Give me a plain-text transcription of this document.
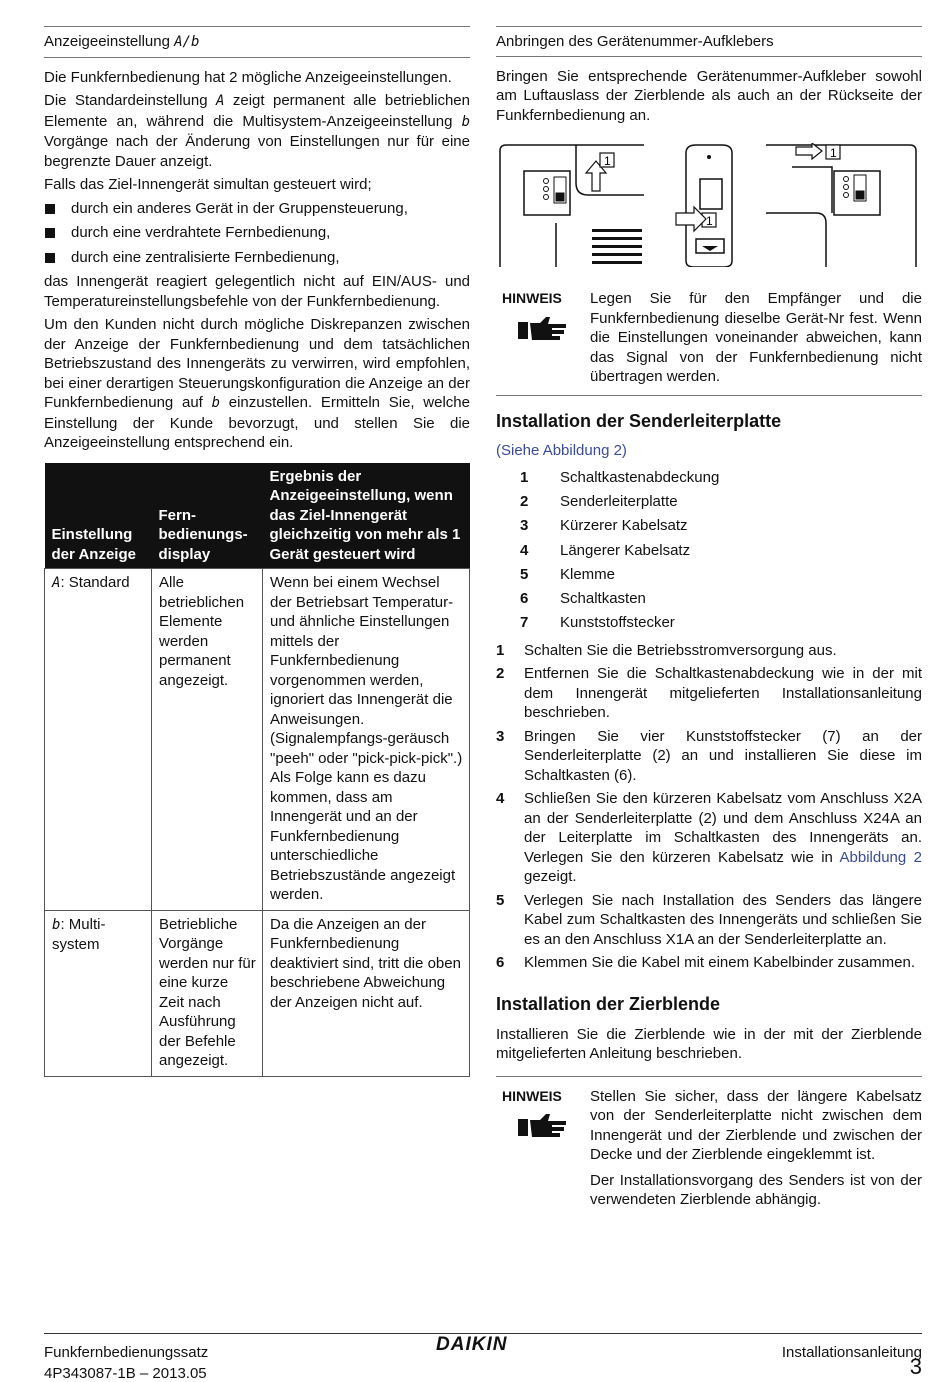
Anzeigeeinstellung A/b

Die Funkfernbedienung hat 2 mögliche Anzeigeeinstellungen.

Die Standardeinstellung A zeigt permanent alle betrieblichen Elemente an, während die Multisystem-Anzeigeeinstellung b Vorgänge nach der Änderung von Einstellungen nur für eine begrenzte Dauer anzeigt.

Falls das Ziel-Innengerät simultan gesteuert wird;

durch ein anderes Gerät in der Gruppensteuerung,
durch eine verdrahtete Fernbedienung,
durch eine zentralisierte Fernbedienung,

das Innengerät reagiert gelegentlich nicht auf EIN/AUS- und Temperatureinstellungsbefehle von der Funkfernbedienung.

Um den Kunden nicht durch mögliche Diskrepanzen zwischen der Anzeige der Funkfernbedienung und dem tatsächlichen Betriebszustand des Innengeräts zu verwirren, wird empfohlen, bei einer derartigen Steuerungskonfiguration die Anzeige an der Funkfernbedienung auf b einzustellen. Ermitteln Sie, welche Einstellung der Kunde bevorzugt, und stellen Sie die Anzeigeeinstellung entsprechend ein.

Einstellung der Anzeige	Fern-bedienungs-display	Ergebnis der Anzeigeeinstellung, wenn das Ziel-Innengerät gleichzeitig von mehr als 1 Gerät gesteuert wird
A: Standard	Alle betrieblichen Elemente werden permanent angezeigt.	Wenn bei einem Wechsel der Betriebsart Temperatur- und ähnliche Einstellungen mittels der Funkfernbedienung vorgenommen werden, ignoriert das Innengerät die Anweisungen. (Signalempfangs-geräusch "peeh" oder "pick-pick-pick".) Als Folge kann es dazu kommen, dass am Innengerät und an der Funkfernbedienung unterschiedliche Betriebszustände angezeigt werden.
b: Multi-system	Betriebliche Vorgänge werden nur für eine kurze Zeit nach Ausführung der Befehle angezeigt.	Da die Anzeigen an der Funkfernbedienung deaktiviert sind, tritt die oben beschriebene Abweichung der Anzeigen nicht auf.
Anbringen des Gerätenummer-Aufklebers

Bringen Sie entsprechende Gerätenummer-Aufkleber sowohl am Luftauslass der Zierblende als auch an der Rückseite der Funkfernbedienung an.

1
1
1
HINWEIS	Legen Sie für den Empfänger und die Funkfernbedienung dieselbe Gerät-Nr fest. Wenn die Einstellungen voneinander abweichen, kann das Signal von der Funkfernbedienung nicht übertragen werden.
Installation der Senderleiterplatte

(Siehe Abbildung 2)

1 Schaltkastenabdeckung
2 Senderleiterplatte
3 Kürzerer Kabelsatz
4 Längerer Kabelsatz
5 Klemme
6 Schaltkasten
7 Kunststoffstecker
1 Schalten Sie die Betriebsstromversorgung aus.
2 Entfernen Sie die Schaltkastenabdeckung wie in der mit dem Innengerät mitgelieferten Installationsanleitung beschrieben.
3 Bringen Sie vier Kunststoffstecker (7) an der Senderleiterplatte (2) an und installieren Sie diese im Schaltkasten (6).
4 Schließen Sie den kürzeren Kabelsatz vom Anschluss X2A an der Senderleiterplatte (2) und dem Anschluss X24A an der Leiterplatte im Schaltkasten des Innengeräts an. Verlegen Sie den kürzeren Kabelsatz wie in Abbildung 2 gezeigt.
5 Verlegen Sie nach Installation des Senders das längere Kabel zum Schaltkasten des Innengeräts und schließen Sie es an den Anschluss X1A an der Senderleiterplatte an.
6 Klemmen Sie die Kabel mit einem Kabelbinder zusammen.
Installation der Zierblende

Installieren Sie die Zierblende wie in der mit der Zierblende mitgelieferten Anleitung beschrieben.

HINWEIS	Stellen Sie sicher, dass der längere Kabelsatz von der Senderleiterplatte nicht zwischen dem Innengerät und der Zierblende und zwischen der Decke und der Zierblende eingeklemmt ist.

Der Installationsvorgang des Senders ist von der verwendeten Zierblende abhängig.

Funkfernbedienungssatz
4P343087-1B – 2013.05
DAIKIN	Installationsanleitung
3
